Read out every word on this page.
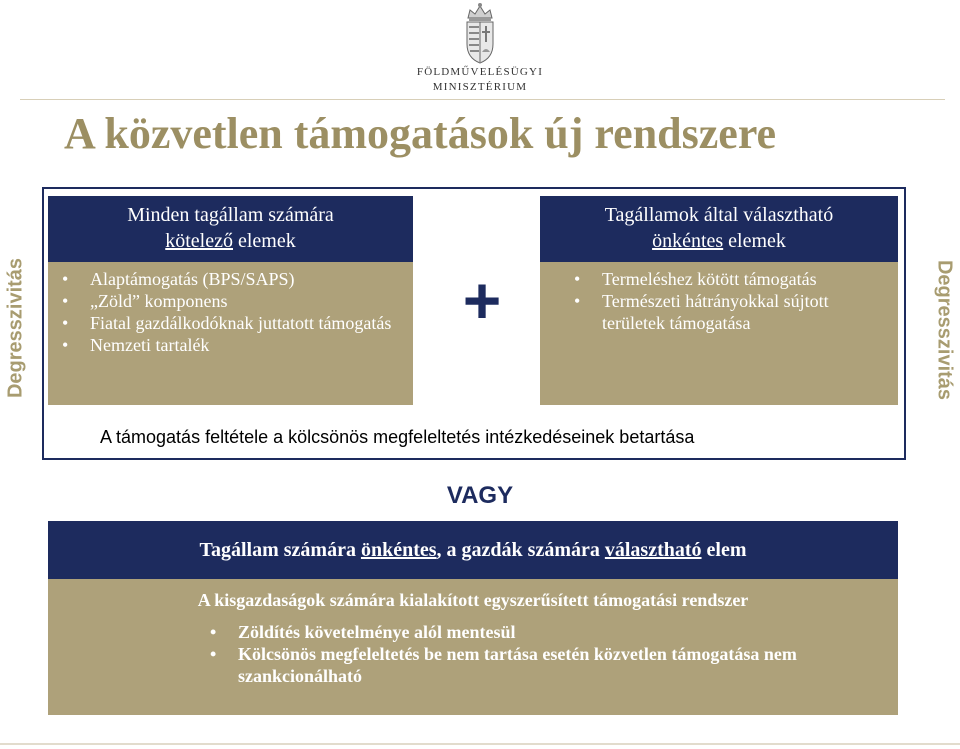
FÖLDMŰVELÉSÜGYI
MINISZTÉRIUM
A közvetlen támogatások új rendszere
Degresszivitás	Degresszivitás
Minden tagállam számára
kötelező elemek
• Alaptámogatás (BPS/SAPS)
• „Zöld” komponens
• Fiatal gazdálkodóknak juttatott támogatás
• Nemzeti tartalék
+
Tagállamok által választható
önkéntes elemek
• Termeléshez kötött támogatás
• Természeti hátrányokkal sújtott területek támogatása
A támogatás feltétele a kölcsönös megfeleltetés intézkedéseinek betartása
VAGY
Tagállam számára önkéntes, a gazdák számára választható elem
A kisgazdaságok számára kialakított egyszerűsített támogatási rendszer
• Zöldítés követelménye alól mentesül
• Kölcsönös megfeleltetés be nem tartása esetén közvetlen támogatása nem szankcionálható
